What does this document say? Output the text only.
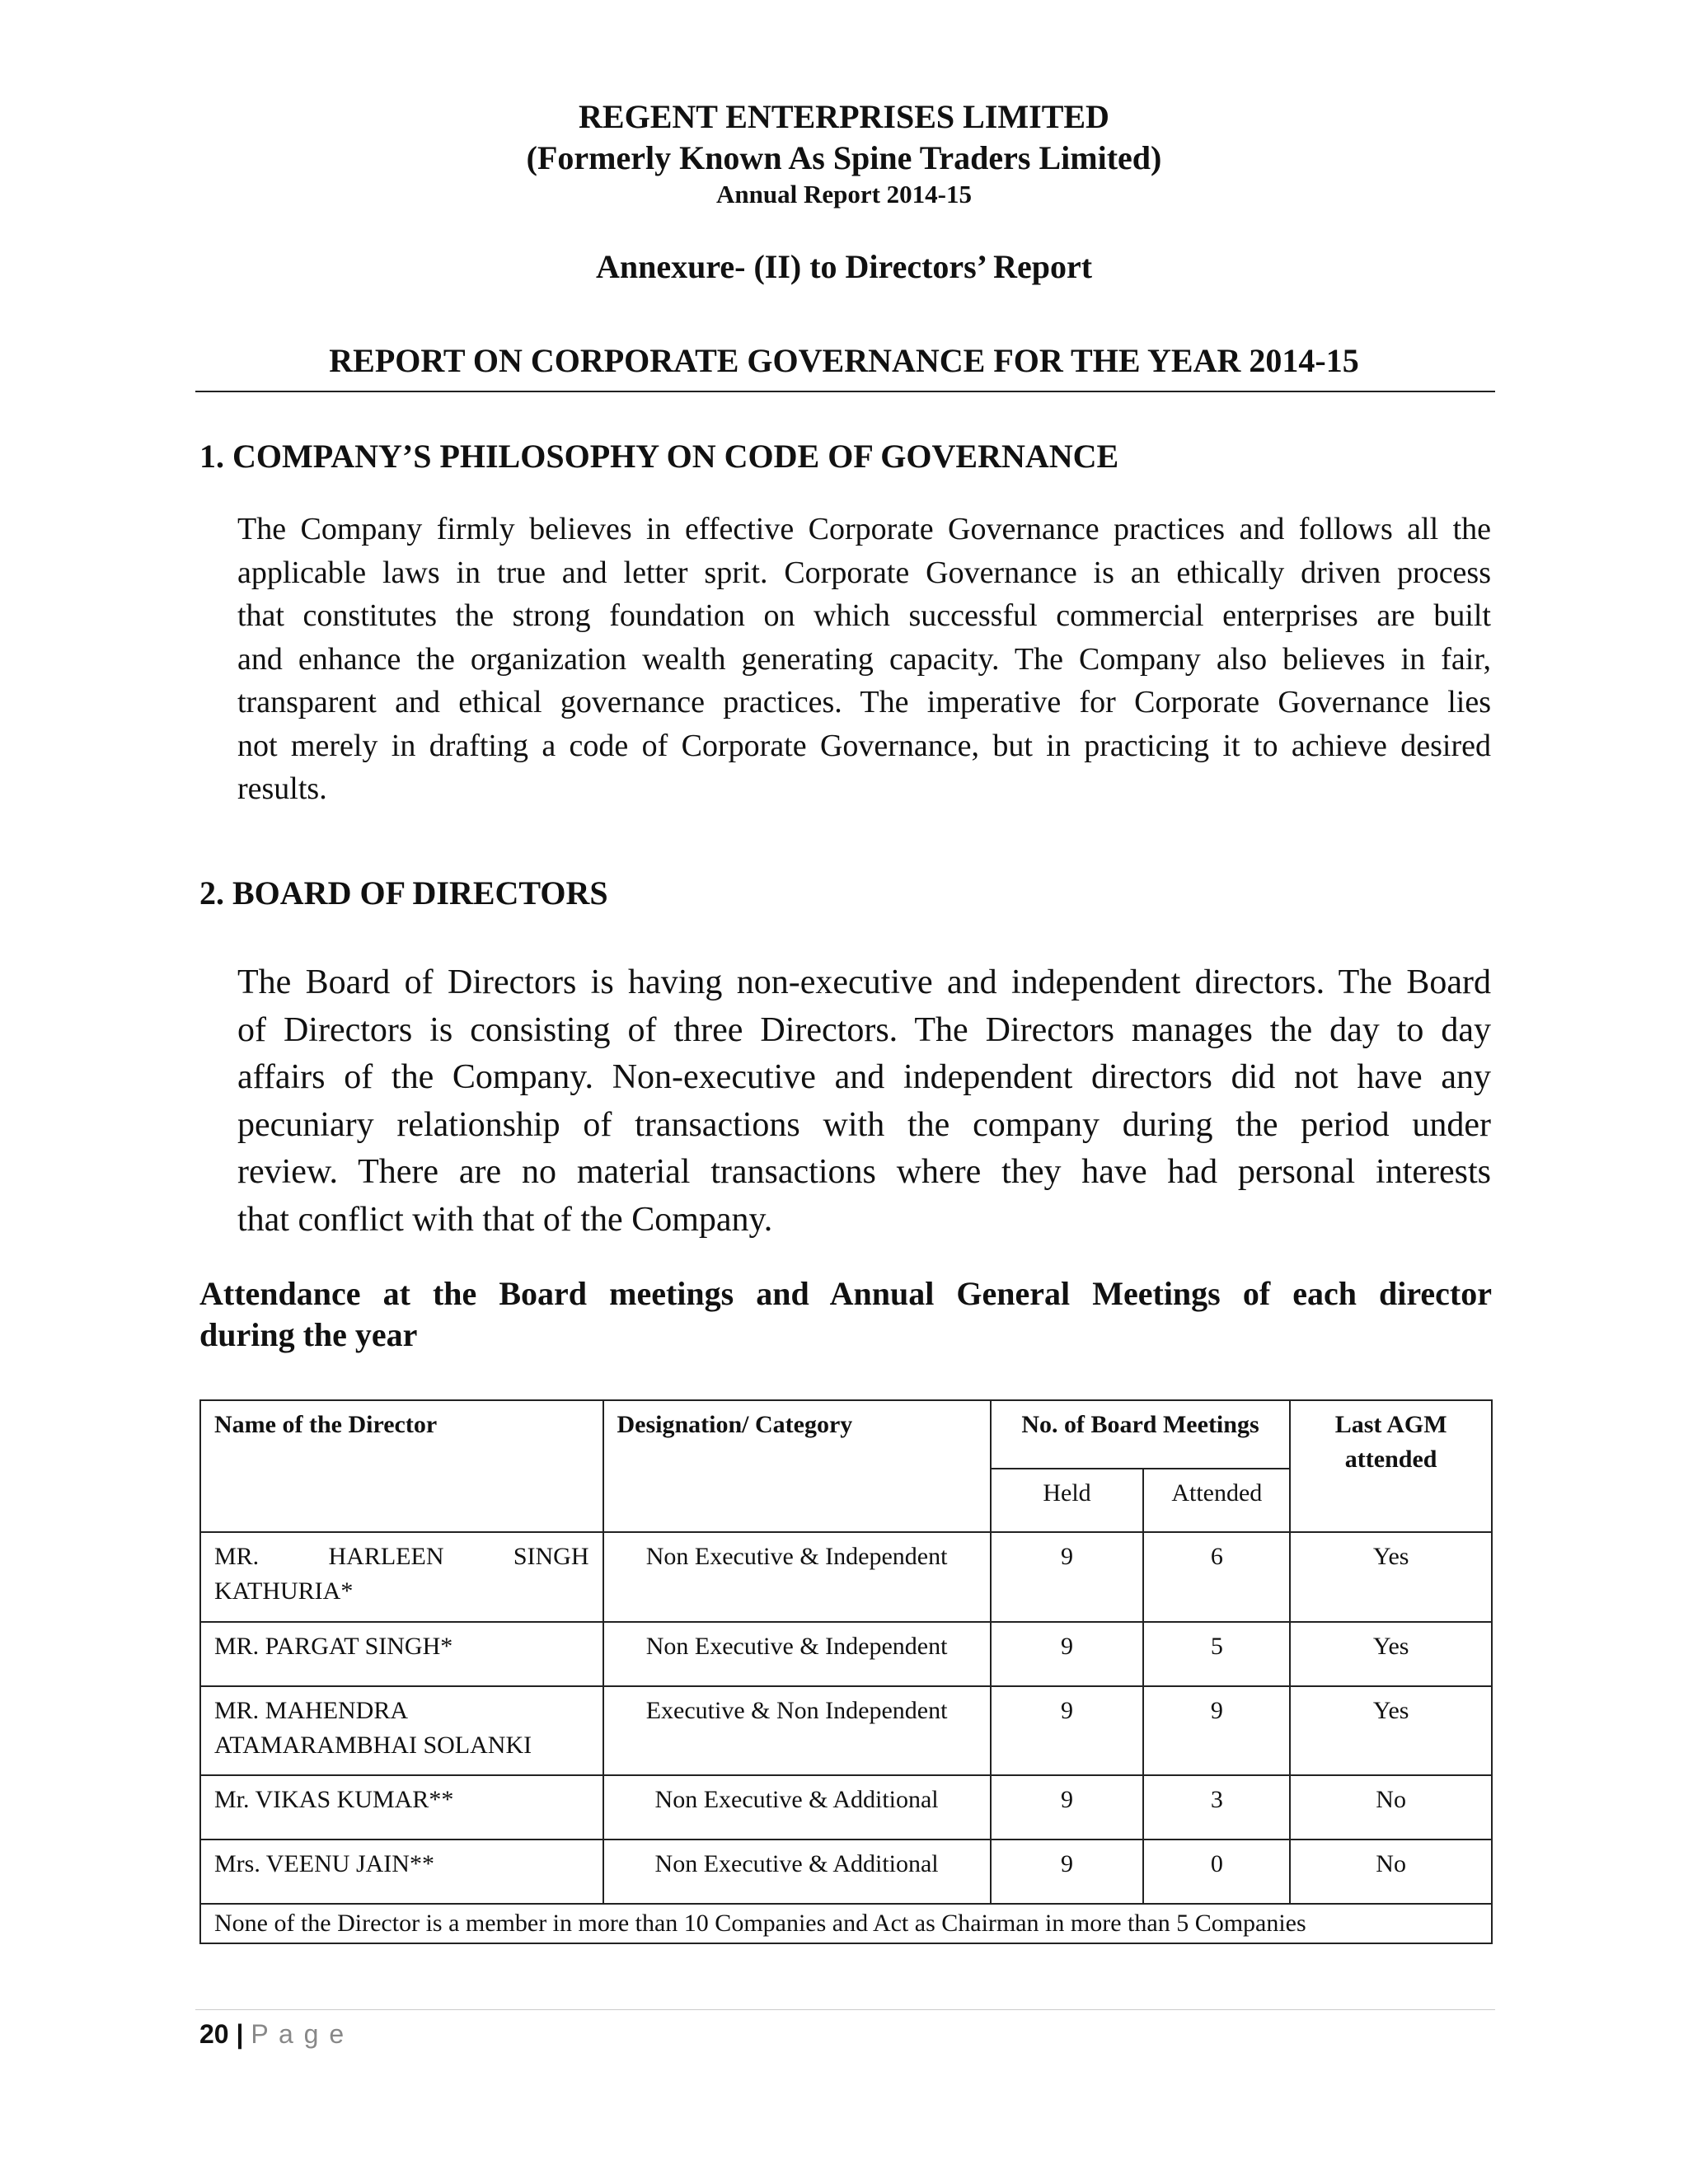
REGENT ENTERPRISES LIMITED
(Formerly Known As Spine Traders Limited)
Annual Report 2014-15
Annexure- (II) to Directors’ Report
REPORT ON CORPORATE GOVERNANCE FOR THE YEAR 2014-15
1. COMPANY’S PHILOSOPHY ON CODE OF GOVERNANCE
The Company firmly believes in effective Corporate Governance practices and follows all the
applicable laws in true and letter sprit. Corporate Governance is an ethically driven process
that constitutes the strong foundation on which successful commercial enterprises are built
and enhance the organization wealth generating capacity. The Company also believes in fair,
transparent and ethical governance practices. The imperative for Corporate Governance lies
not merely in drafting a code of Corporate Governance, but in practicing it to achieve desired
results.
2. BOARD OF DIRECTORS
The Board of Directors is having non-executive and independent directors. The Board
of Directors is consisting of three Directors. The Directors manages the day to day
affairs of the Company. Non-executive and independent directors did not have any
pecuniary relationship of transactions with the company during the period under
review. There are no material transactions where they have had personal interests
that conflict with that of the Company.
Attendance at the Board meetings and Annual General Meetings of each director
during the year
Name of the Director	Designation/ Category	No. of Board Meetings		Last AGM attended
		Held	Attended	
MR. HARLEEN SINGH KATHURIA*	Non Executive & Independent	9	6	Yes
MR. PARGAT SINGH*	Non Executive & Independent	9	5	Yes
MR. MAHENDRA ATAMARAMBHAI SOLANKI	Executive & Non Independent	9	9	Yes
Mr. VIKAS KUMAR**	Non Executive & Additional	9	3	No
Mrs. VEENU JAIN**	Non Executive & Additional	9	0	No
None of the Director is a member in more than 10 Companies and Act as Chairman in more than 5 Companies				
20 | P a g e
